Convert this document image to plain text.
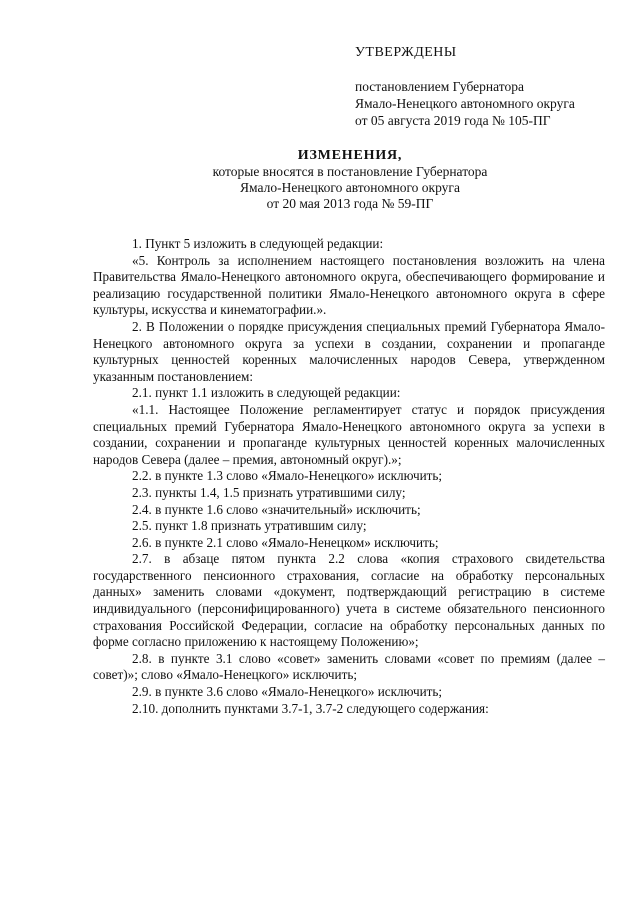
УТВЕРЖДЕНЫ
постановлением Губернатора
Ямало-Ненецкого автономного округа
от 05 августа 2019 года № 105-ПГ
ИЗМЕНЕНИЯ,
которые вносятся в постановление Губернатора
Ямало-Ненецкого автономного округа
от 20 мая 2013 года № 59-ПГ

1. Пункт 5 изложить в следующей редакции:

«5. Контроль за исполнением настоящего постановления возложить на члена Правительства Ямало-Ненецкого автономного округа, обеспечивающего формирование и реализацию государственной политики Ямало-Ненецкого автономного округа в сфере культуры, искусства и кинематографии.».

2. В Положении о порядке присуждения специальных премий Губернатора Ямало-Ненецкого автономного округа за успехи в создании, сохранении и пропаганде культурных ценностей коренных малочисленных народов Севера, утвержденном указанным постановлением:

2.1. пункт 1.1 изложить в следующей редакции:

«1.1. Настоящее Положение регламентирует статус и порядок присуждения специальных премий Губернатора Ямало-Ненецкого автономного округа за успехи в создании, сохранении и пропаганде культурных ценностей коренных малочисленных народов Севера (далее – премия, автономный округ).»;

2.2. в пункте 1.3 слово «Ямало-Ненецкого» исключить;

2.3. пункты 1.4, 1.5 признать утратившими силу;

2.4. в пункте 1.6 слово «значительный» исключить;

2.5. пункт 1.8 признать утратившим силу;

2.6. в пункте 2.1 слово «Ямало-Ненецком» исключить;

2.7. в абзаце пятом пункта 2.2 слова «копия страхового свидетельства государственного пенсионного страхования, согласие на обработку персональных данных» заменить словами «документ, подтверждающий регистрацию в системе индивидуального (персонифицированного) учета в системе обязательного пенсионного страхования Российской Федерации, согласие на обработку персональных данных по форме согласно приложению к настоящему Положению»;

2.8. в пункте 3.1 слово «совет» заменить словами «совет по премиям (далее – совет)»; слово «Ямало-Ненецкого» исключить;

2.9. в пункте 3.6 слово «Ямало-Ненецкого» исключить;

2.10. дополнить пунктами 3.7-1, 3.7-2 следующего содержания:
